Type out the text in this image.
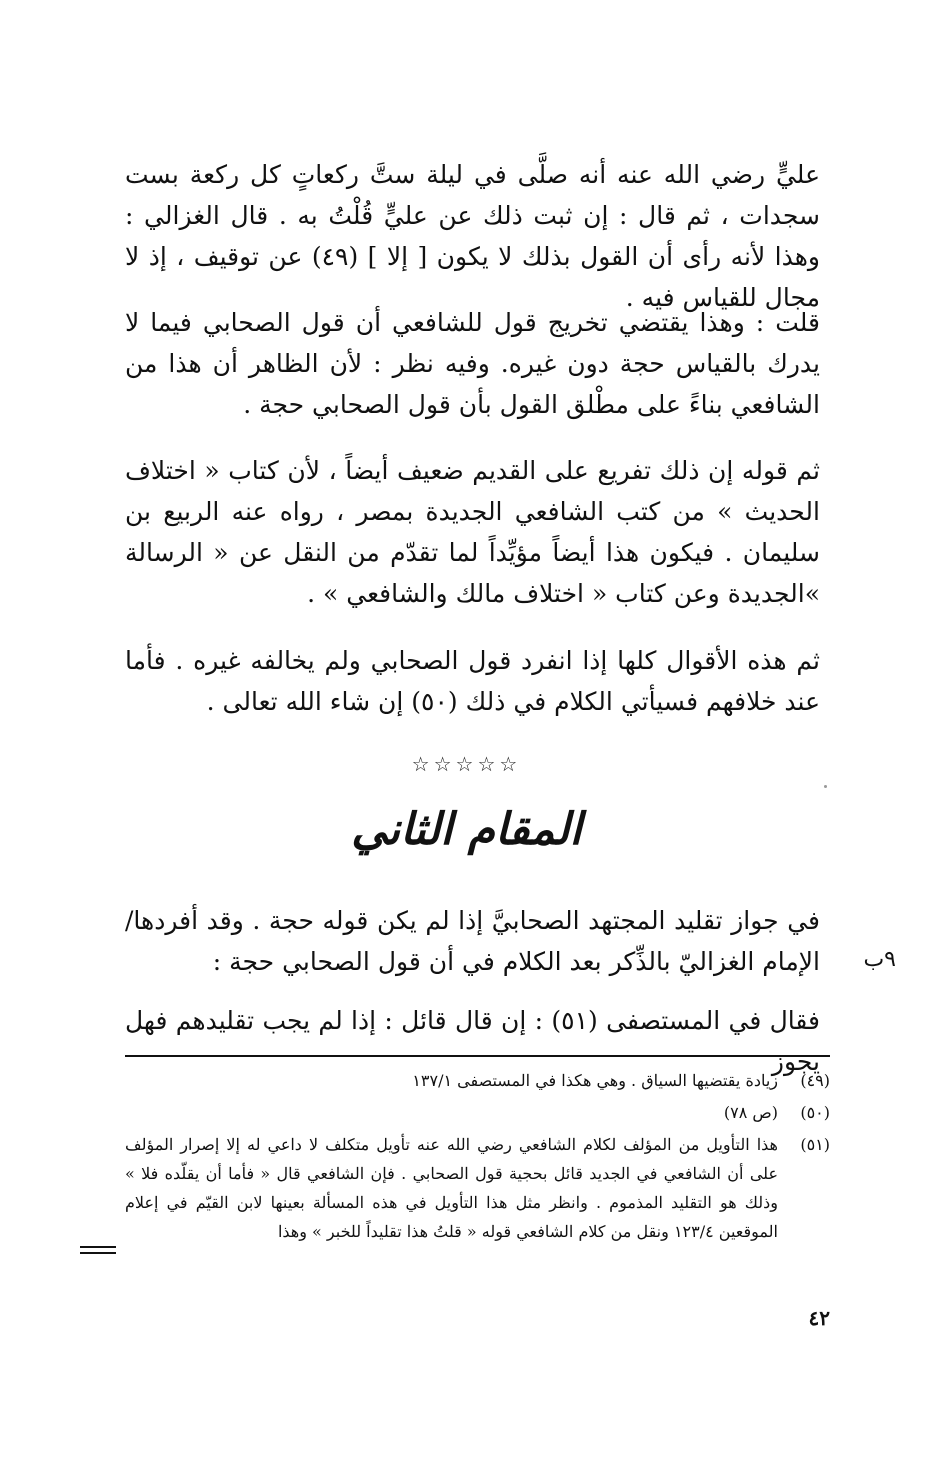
عليٍّ رضي الله عنه أنه صلَّى في ليلة ستَّ ركعاتٍ كل ركعة بست سجدات ، ثم قال : إن ثبت ذلك عن عليٍّ قُلْتُ به . قال الغزالي : وهذا لأنه رأى أن القول بذلك لا يكون [ إلا ] (٤٩) عن توقيف ، إذ لا مجال للقياس فيه .

قلت : وهذا يقتضي تخريج قول للشافعي أن قول الصحابي فيما لا يدرك بالقياس حجة دون غيره. وفيه نظر : لأن الظاهر أن هذا من الشافعي بناءً على مطْلق القول بأن قول الصحابي حجة .

ثم قوله إن ذلك تفريع على القديم ضعيف أيضاً ، لأن كتاب « اختلاف الحديث » من كتب الشافعي الجديدة بمصر ، رواه عنه الربيع بن سليمان . فيكون هذا أيضاً مؤيِّداً لما تقدّم من النقل عن « الرسالة »الجديدة وعن كتاب « اختلاف مالك والشافعي » .

ثم هذه الأقوال كلها إذا انفرد قول الصحابي ولم يخالفه غيره . فأما عند خلافهم فسيأتي الكلام في ذلك (٥٠) إن شاء الله تعالى .

☆☆☆☆☆
المقام الثاني

في جواز تقليد المجتهد الصحابيَّ إذا لم يكن قوله حجة . وقد أفردها/الإمام الغزاليّ بالذِّكر بعد الكلام في أن قول الصحابي حجة :	٩ب

فقال في المستصفى (٥١) : إن قال قائل : إذا لم يجب تقليدهم فهل يجوز

(٤٩)
زيادة يقتضيها السياق . وهي هكذا في المستصفى ١٣٧/١
(٥٠)
(ص ٧٨)
(٥١)
هذا التأويل من المؤلف لكلام الشافعي رضي الله عنه تأويل متكلف لا داعي له إلا إصرار المؤلف على أن الشافعي في الجديد قائل بحجية قول الصحابي . فإن الشافعي قال « فأما أن يقلّده فلا » وذلك هو التقليد المذموم . وانظر مثل هذا التأويل في هذه المسألة بعينها لابن القيّم في إعلام الموقعين ١٢٣/٤ ونقل من كلام الشافعي قوله « قلتُ هذا تقليداً للخبر » وهذا
٤٢
